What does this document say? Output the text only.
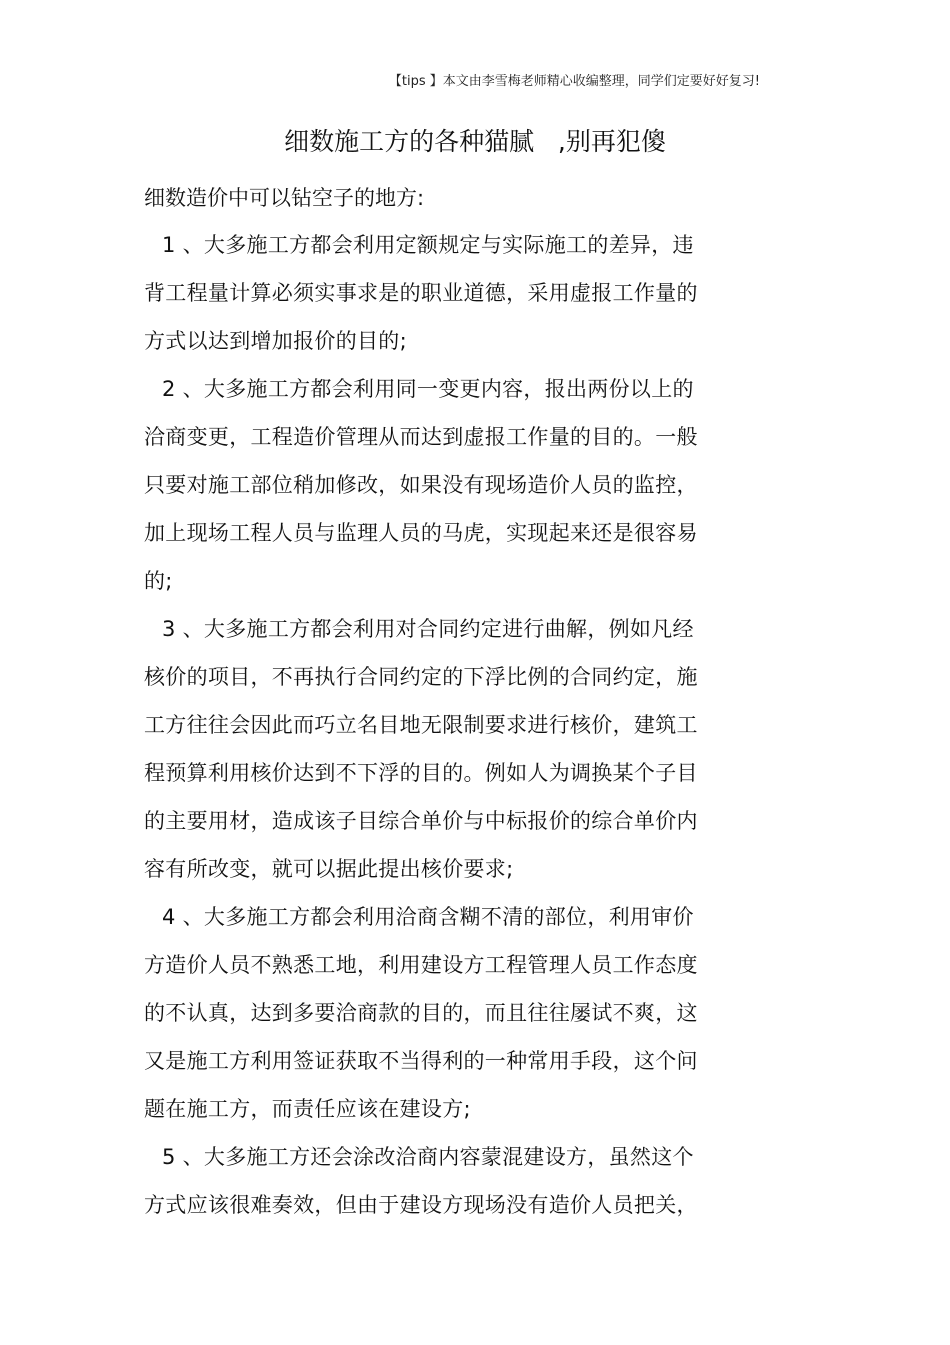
【tips 】本文由李雪梅老师精心收编整理，同学们定要好好复习!
细数施工方的各种猫腻   ,别再犯傻
细数造价中可以钻空子的地方:
1 、大多施工方都会利用定额规定与实际施工的差异，违
背工程量计算必须实事求是的职业道德，采用虚报工作量的
方式以达到增加报价的目的;
2 、大多施工方都会利用同一变更内容，报出两份以上的
洽商变更，工程造价管理从而达到虚报工作量的目的。一般
只要对施工部位稍加修改，如果没有现场造价人员的监控，
加上现场工程人员与监理人员的马虎，实现起来还是很容易
的;
3 、大多施工方都会利用对合同约定进行曲解，例如凡经
核价的项目，不再执行合同约定的下浮比例的合同约定，施
工方往往会因此而巧立名目地无限制要求进行核价，建筑工
程预算利用核价达到不下浮的目的。例如人为调换某个子目
的主要用材，造成该子目综合单价与中标报价的综合单价内
容有所改变，就可以据此提出核价要求;
4 、大多施工方都会利用洽商含糊不清的部位，利用审价
方造价人员不熟悉工地，利用建设方工程管理人员工作态度
的不认真，达到多要洽商款的目的，而且往往屡试不爽，这
又是施工方利用签证获取不当得利的一种常用手段，这个问
题在施工方，而责任应该在建设方;
5 、大多施工方还会涂改洽商内容蒙混建设方，虽然这个
方式应该很难奏效，但由于建设方现场没有造价人员把关，
